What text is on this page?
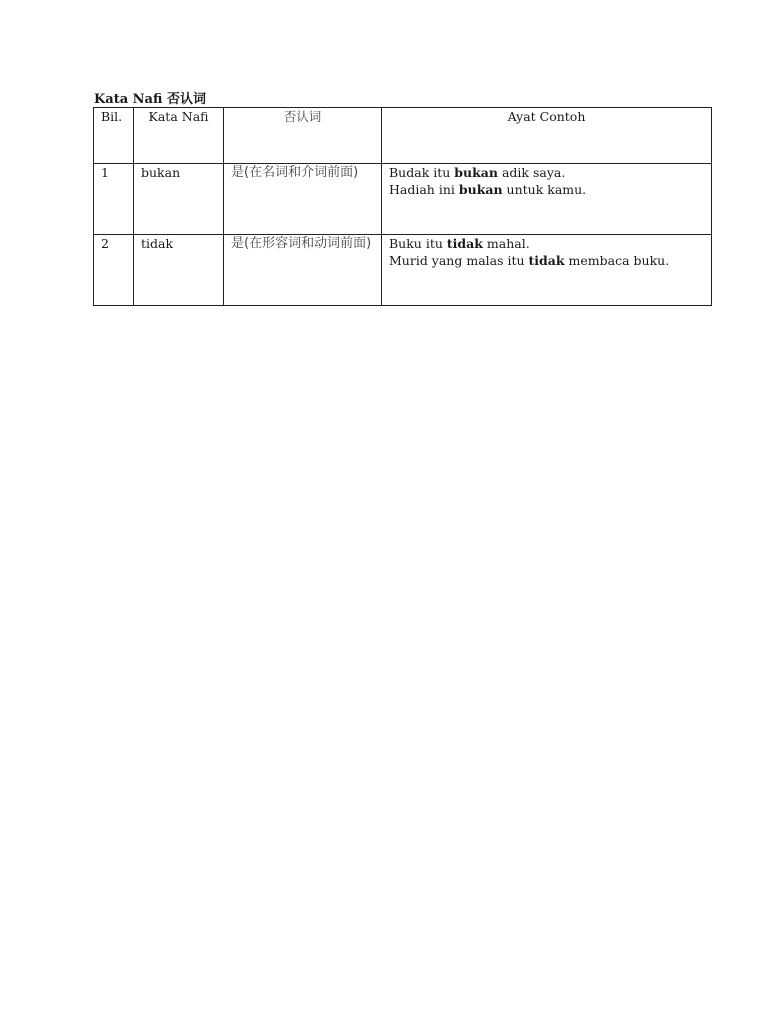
Kata Nafi 否认词
Bil.	Kata Nafi	否认词	Ayat Contoh
1	bukan	是(在名词和介词前面)	Budak itu bukan adik saya.
Hadiah ini bukan untuk kamu.

2	tidak	是(在形容词和动词前面)	Buku itu tidak mahal.
Murid yang malas itu tidak membaca buku.
